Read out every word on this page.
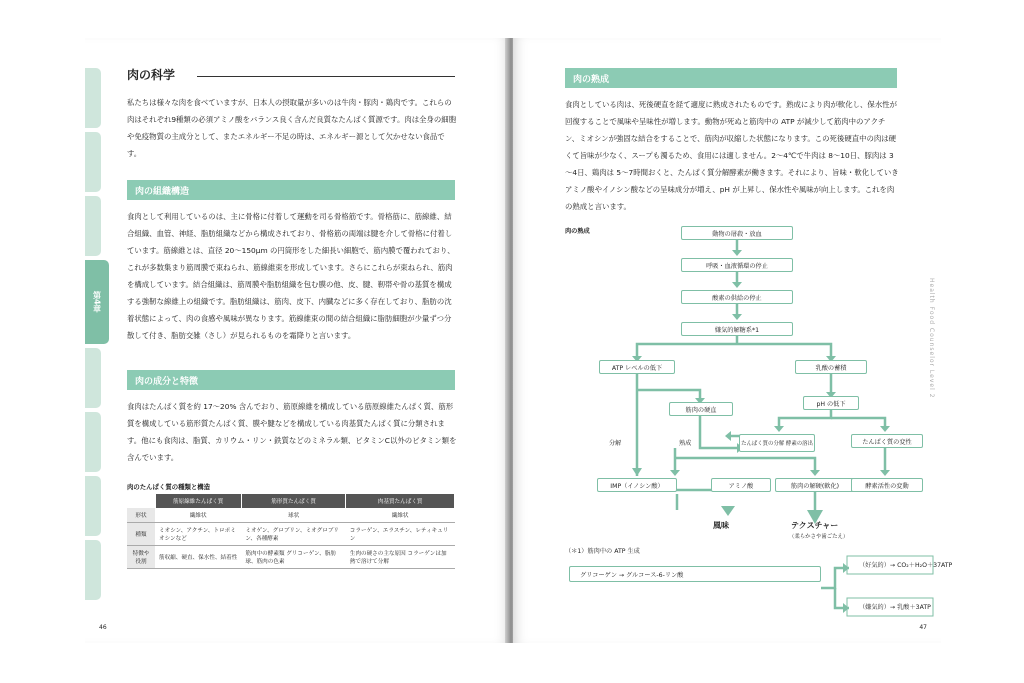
第4章
肉の科学
私たちは様々な肉を食べていますが、日本人の摂取量が多いのは牛肉・豚肉・鶏肉です。これらの肉はそれぞれ9種類の必須アミノ酸をバランス良く含んだ良質なたんぱく質源です。肉は全身の細胞や免疫物質の主成分として、またエネルギー不足の時は、エネルギー源として欠かせない食品です。
肉の組織構造
食肉として利用しているのは、主に骨格に付着して運動を司る骨格筋です。骨格筋に、筋線維、結合組織、血管、神経、脂肪組織などから構成されており、骨格筋の両端は腱を介して骨格に付着しています。筋線維とは、直径 20～150μm の円筒形をした細長い細胞で、筋内膜で覆われており、これが多数集まり筋周膜で束ねられ、筋線維束を形成しています。さらにこれらが束ねられ、筋肉を構成しています。結合組織は、筋周膜や脂肪組織を包む膜の他、皮、腱、靭帯や骨の基質を構成する強靭な線維上の組織です。脂肪組織は、筋肉、皮下、内臓などに多く存在しており、脂肪の沈着状態によって、肉の食感や風味が異なります。筋線維束の間の結合組織に脂肪細胞が少量ずつ分散して付き、脂肪交雑（さし）が見られるものを霜降りと言います。
肉の成分と特徴
食肉はたんぱく質を約 17～20% 含んでおり、筋原線維を構成している筋原線維たんぱく質、筋形質を構成している筋形質たんぱく質、膜や腱などを構成している肉基質たんぱく質に分類されます。他にも食肉は、脂質、カリウム・リン・鉄質などのミネラル類、ビタミンC以外のビタミン類を含んでいます。
肉のたんぱく質の種類と構造
	筋原線維たんぱく質	筋形質たんぱく質	肉基質たんぱく質
形状	繊維状	球状	繊維状
種類	ミオシン、アクチン、トロポミオシンなど	ミオゲン、グロブリン、ミオグロブリン、各種酵素	コラーゲン、エラスチン、レティキュリン
特徴や役割	筋収縮、硬直、保水性、結着性	筋肉中の酵素類 グリコーゲン、脂肪球、筋肉の色素	生肉の硬さの主な原因 コラーゲンは加熱で溶けて分解
46
肉の熟成
食肉としている肉は、死後硬直を経て適度に熟成されたものです。熟成により肉が軟化し、保水性が回復することで風味や呈味性が増します。動物が死ぬと筋肉中の ATP が減少して筋肉中のアクチン、ミオシンが強固な結合をすることで、筋肉が収縮した状態になります。この死後硬直中の肉は硬くて旨味が少なく、スープも濁るため、食用には適しません。2～4℃で牛肉は 8～10日、豚肉は 3～4日、鶏肉は 5～7時間おくと、たんぱく質分解酵素が働きます。それにより、旨味・軟化していきアミノ酸やイノシン酸などの呈味成分が増え、pH が上昇し、保水性や風味が向上します。これを肉の熟成と言います。
肉の熟成	動物の屠殺・放血
呼吸・血液循環の停止
酸素の供給の停止
嫌気的解糖系*1
ATP レベルの低下	乳酸の蓄積
筋肉の硬直
pH の低下
たんぱく質の分解 酵素の溶出	たんぱく質の変性
IMP（イノシン酸）	アミノ酸	筋肉の解硬(軟化)	酵素活性の変動
分解	熟成
風味	テクスチャー
（柔らかさや歯ごたえ）
（＊1）筋肉中の ATP 生成
グリコーゲン → グルコース-6-リン酸
（好気的）→ CO₂＋H₂O＋37ATP
（嫌気的）→ 乳酸＋3ATP
Health Food Counselor Level 2
47
